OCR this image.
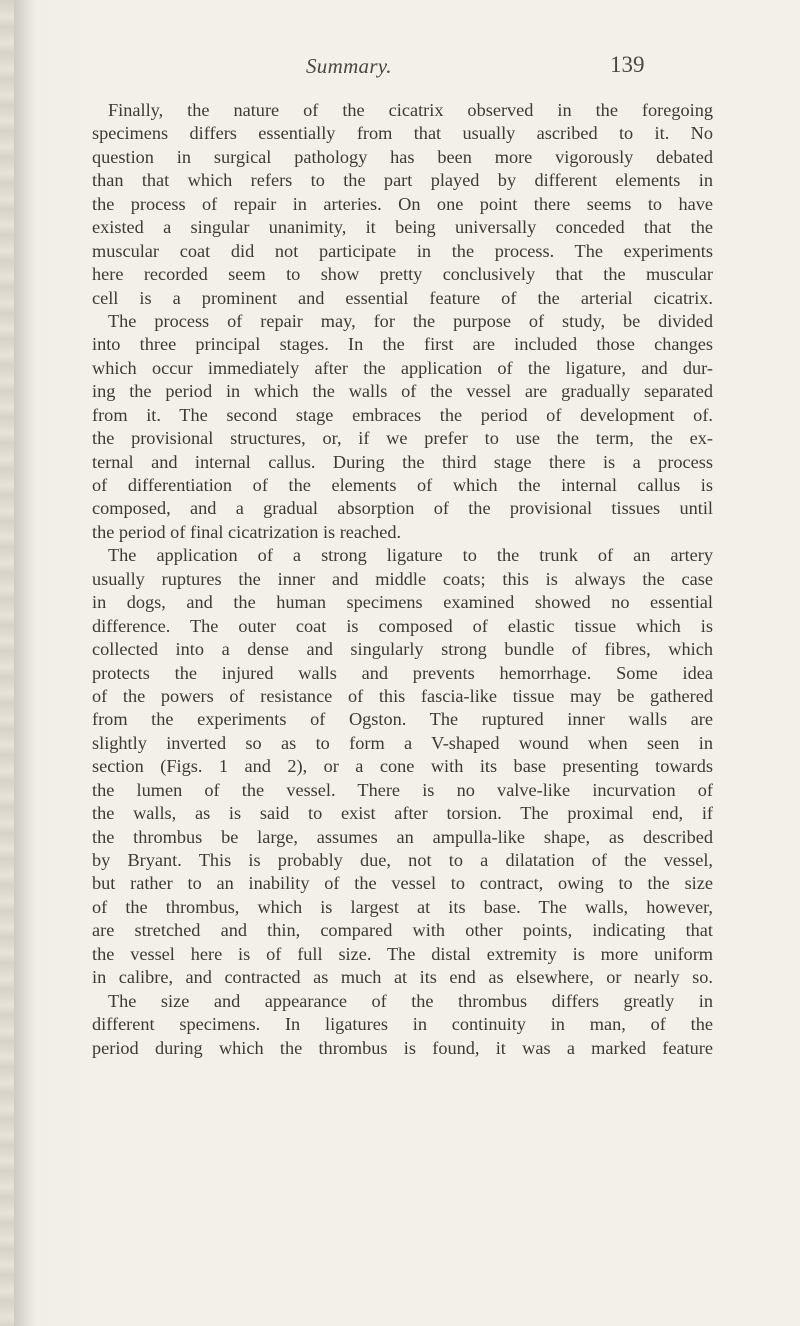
Summary.	139
Finally, the nature of the cicatrix observed in the foregoing
specimens differs essentially from that usually ascribed to it. No
question in surgical pathology has been more vigorously debated
than that which refers to the part played by different elements in
the process of repair in arteries. On one point there seems to have
existed a singular unanimity, it being universally conceded that the
muscular coat did not participate in the process. The experiments
here recorded seem to show pretty conclusively that the muscular
cell is a prominent and essential feature of the arterial cicatrix.
The process of repair may, for the purpose of study, be divided
into three principal stages. In the first are included those changes
which occur immediately after the application of the ligature, and dur-
ing the period in which the walls of the vessel are gradually separated
from it. The second stage embraces the period of development of.
the provisional structures, or, if we prefer to use the term, the ex-
ternal and internal callus. During the third stage there is a process
of differentiation of the elements of which the internal callus is
composed, and a gradual absorption of the provisional tissues until
the period of final cicatrization is reached.
The application of a strong ligature to the trunk of an artery
usually ruptures the inner and middle coats; this is always the case
in dogs, and the human specimens examined showed no essential
difference. The outer coat is composed of elastic tissue which is
collected into a dense and singularly strong bundle of fibres, which
protects the injured walls and prevents hemorrhage. Some idea
of the powers of resistance of this fascia-like tissue may be gathered
from the experiments of Ogston. The ruptured inner walls are
slightly inverted so as to form a V-shaped wound when seen in
section (Figs. 1 and 2), or a cone with its base presenting towards
the lumen of the vessel. There is no valve-like incurvation of
the walls, as is said to exist after torsion. The proximal end, if
the thrombus be large, assumes an ampulla-like shape, as described
by Bryant. This is probably due, not to a dilatation of the vessel,
but rather to an inability of the vessel to contract, owing to the size
of the thrombus, which is largest at its base. The walls, however,
are stretched and thin, compared with other points, indicating that
the vessel here is of full size. The distal extremity is more uniform
in calibre, and contracted as much at its end as elsewhere, or nearly so.
The size and appearance of the thrombus differs greatly in
different specimens. In ligatures in continuity in man, of the
period during which the thrombus is found, it was a marked feature
